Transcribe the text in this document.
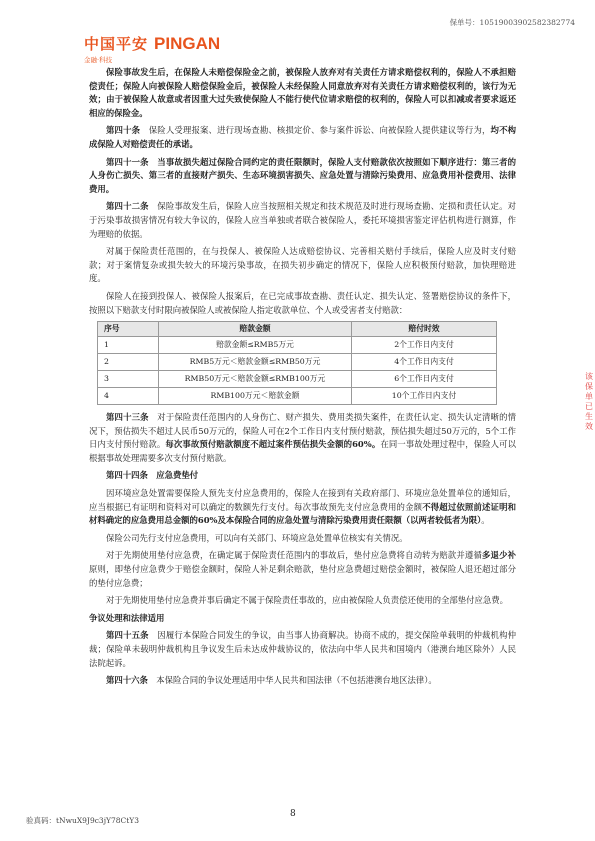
保单号：10519003902582382774
中国平安 PINGAN
金融·科技

保险事故发生后，在保险人未赔偿保险金之前，被保险人放弃对有关责任方请求赔偿权利的，保险人不承担赔偿责任；保险人向被保险人赔偿保险金后，被保险人未经保险人同意放弃对有关责任方请求赔偿权利的，该行为无效；由于被保险人故意或者因重大过失致使保险人不能行使代位请求赔偿的权利的，保险人可以扣减或者要求返还相应的保险金。

第四十条　 保险人受理报案、进行现场查勘、核损定价、参与案件诉讼、向被保险人提供建议等行为，均不构成保险人对赔偿责任的承诺。

第四十一条　当事故损失超过保险合同约定的责任限额时，保险人支付赔款依次按照如下顺序进行：第三者的人身伤亡损失、第三者的直接财产损失、生态环境损害损失、应急处置与清除污染费用、应急费用补偿费用、法律费用。

第四十二条　 保险事故发生后，保险人应当按照相关规定和技术规范及时进行现场查勘、定损和责任认定。对于污染事故损害情况有较大争议的，保险人应当单独或者联合被保险人，委托环境损害鉴定评估机构进行测算，作为理赔的依据。

对属于保险责任范围的，在与投保人、被保险人达成赔偿协议、完善相关赔付手续后，保险人应及时支付赔款；对于案情复杂或损失较大的环境污染事故，在损失初步确定的情况下，保险人应积极预付赔款，加快理赔进度。

保险人在接到投保人、被保险人报案后，在已完成事故查勘、责任认定、损失认定、签署赔偿协议的条件下，按照以下赔款支付时限向被保险人或被保险人指定收款单位、个人或受害者支付赔款：

序号	赔款金额	赔付时效
1	赔款金额≤RMB5万元	2个工作日内支付
2	RMB5万元＜赔款金额≤RMB50万元	4个工作日内支付
3	RMB50万元＜赔款金额≤RMB100万元	6个工作日内支付
4	RMB100万元＜赔款金额	10个工作日内支付

第四十三条　 对于保险责任范围内的人身伤亡、财产损失、费用类损失案件，在责任认定、损失认定清晰的情况下，预估损失不超过人民币50万元的，保险人可在2个工作日内支付预付赔款，预估损失超过50万元的，5个工作日内支付预付赔款。每次事故预付赔款额度不超过案件预估损失金额的60%。在同一事故处理过程中，保险人可以根据事故处理需要多次支付预付赔款。

第四十四条　应急费垫付

因环境应急处置需要保险人预先支付应急费用的，保险人在接到有关政府部门、环境应急处置单位的通知后，应当根据已有证明和资料对可以确定的数额先行支付。每次事故预先支付应急费用的金额不得超过依照前述证明和材料确定的应急费用总金额的60%及本保险合同的应急处置与清除污染费用责任限额（以两者较低者为限）。

保险公司先行支付应急费用，可以向有关部门、环境应急处置单位核实有关情况。

对于先期使用垫付应急费，在确定属于保险责任范围内的事故后，垫付应急费将自动转为赔款并遵循多退少补原则，即垫付应急费少于赔偿金额时，保险人补足剩余赔款，垫付应急费超过赔偿金额时，被保险人退还超过部分的垫付应急费；

对于先期使用垫付应急费并事后确定不属于保险责任事故的，应由被保险人负责偿还使用的全部垫付应急费。

争议处理和法律适用

第四十五条　 因履行本保险合同发生的争议，由当事人协商解决。协商不成的，提交保险单载明的仲裁机构仲裁；保险单未载明仲裁机构且争议发生后未达成仲裁协议的，依法向中华人民共和国境内（港澳台地区除外）人民法院起诉。

第四十六条　 本保险合同的争议处理适用中华人民共和国法律（不包括港澳台地区法律）。

该保单已生效
8
验真码：tNwuX9J9c3jY78CtY3
